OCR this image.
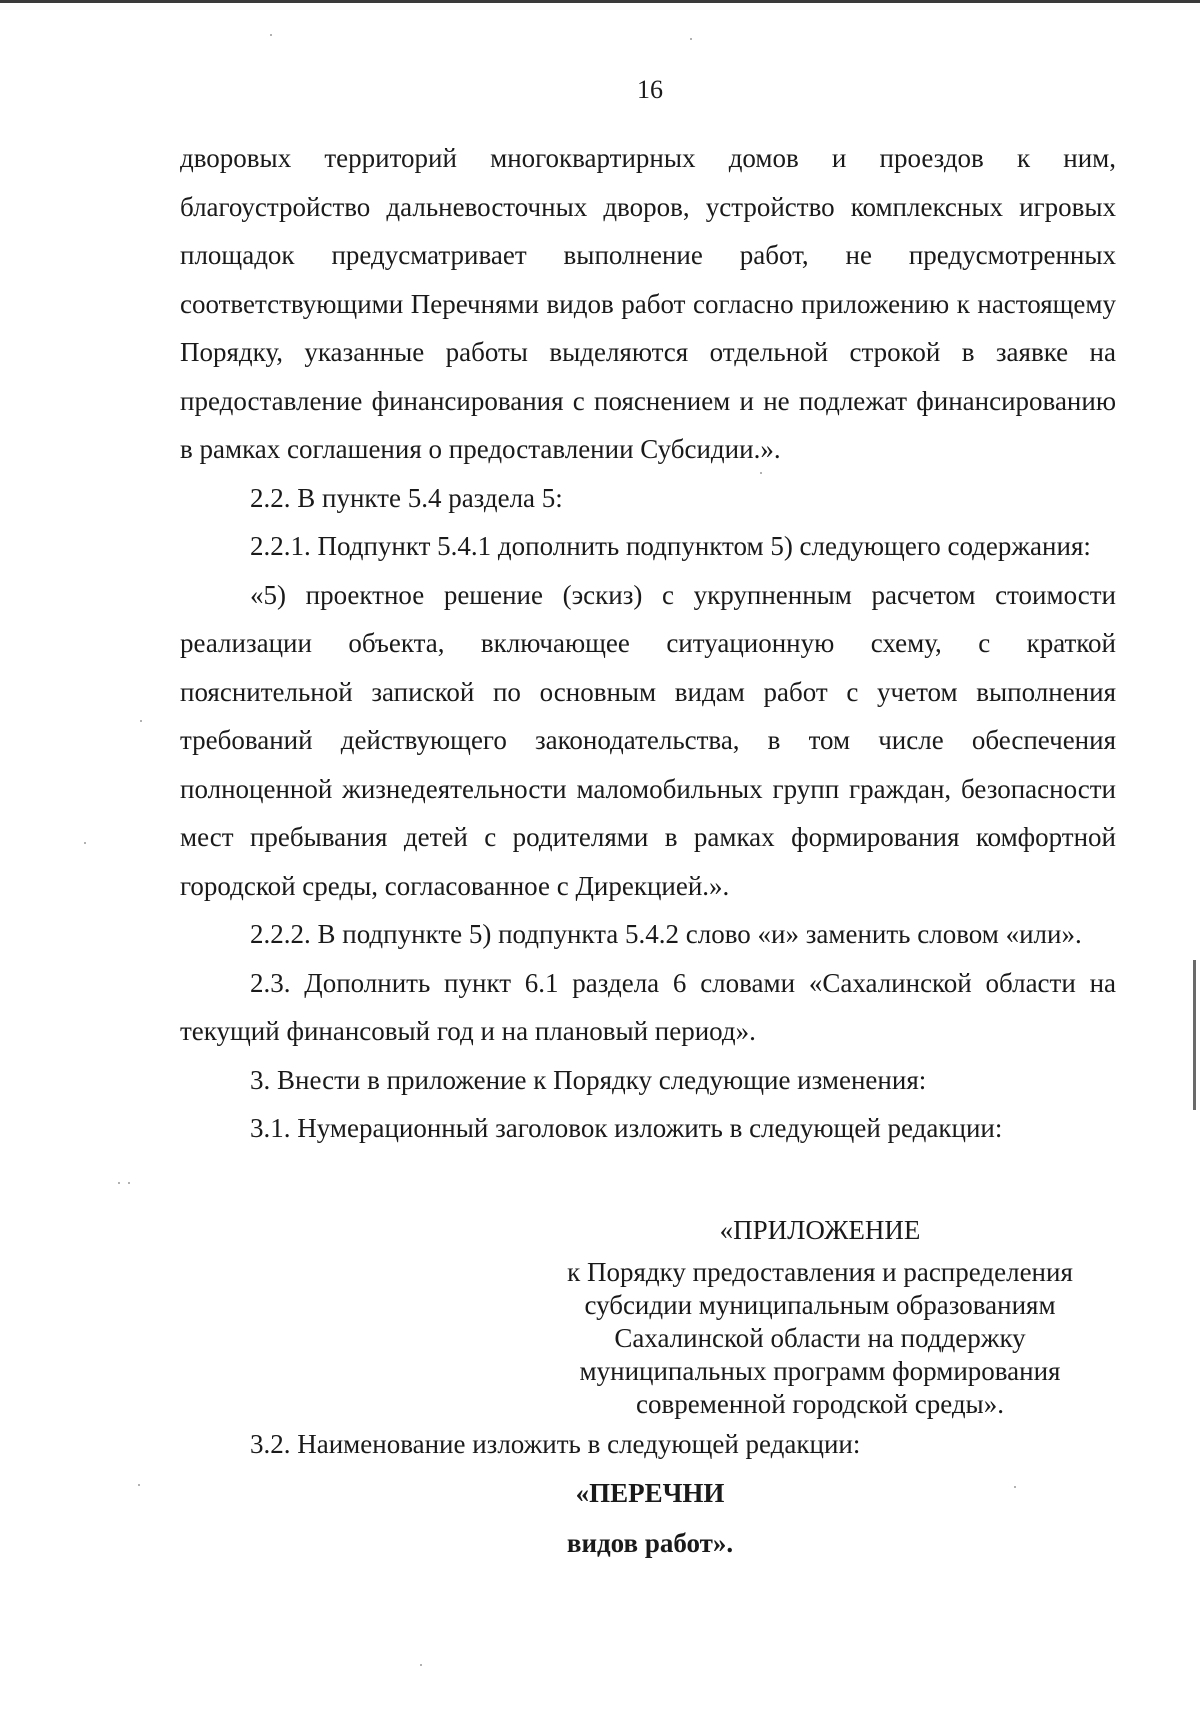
16

дворовых территорий многоквартирных домов и проездов к ним, благоустройство дальневосточных дворов, устройство комплексных игровых площадок предусматривает выполнение работ, не предусмотренных соответствующими Перечнями видов работ согласно приложению к настоящему Порядку, указанные работы выделяются отдельной строкой в заявке на предоставление финансирования с пояснением и не подлежат финансированию в рамках соглашения о предоставлении Субсидии.».

2.2. В пункте 5.4 раздела 5:

2.2.1. Подпункт 5.4.1 дополнить подпунктом 5) следующего содержания:

«5) проектное решение (эскиз) с укрупненным расчетом стоимости реализации объекта, включающее ситуационную схему, с краткой пояснительной запиской по основным видам работ с учетом выполнения требований действующего законодательства, в том числе обеспечения полноценной жизнедеятельности маломобильных групп граждан, безопасности мест пребывания детей с родителями в рамках формирования комфортной городской среды, согласованное с Дирекцией.».

2.2.2. В подпункте 5) подпункта 5.4.2 слово «и» заменить словом «или».

2.3. Дополнить пункт 6.1 раздела 6 словами «Сахалинской области на текущий финансовый год и на плановый период».

3. Внести в приложение к Порядку следующие изменения:

3.1. Нумерационный заголовок изложить в следующей редакции:

«ПРИЛОЖЕНИЕ
к Порядку предоставления и распределения
субсидии муниципальным образованиям
Сахалинской области на поддержку
муниципальных программ формирования
современной городской среды».
3.2. Наименование изложить в следующей редакции:
«ПЕРЕЧНИ
видов работ».
